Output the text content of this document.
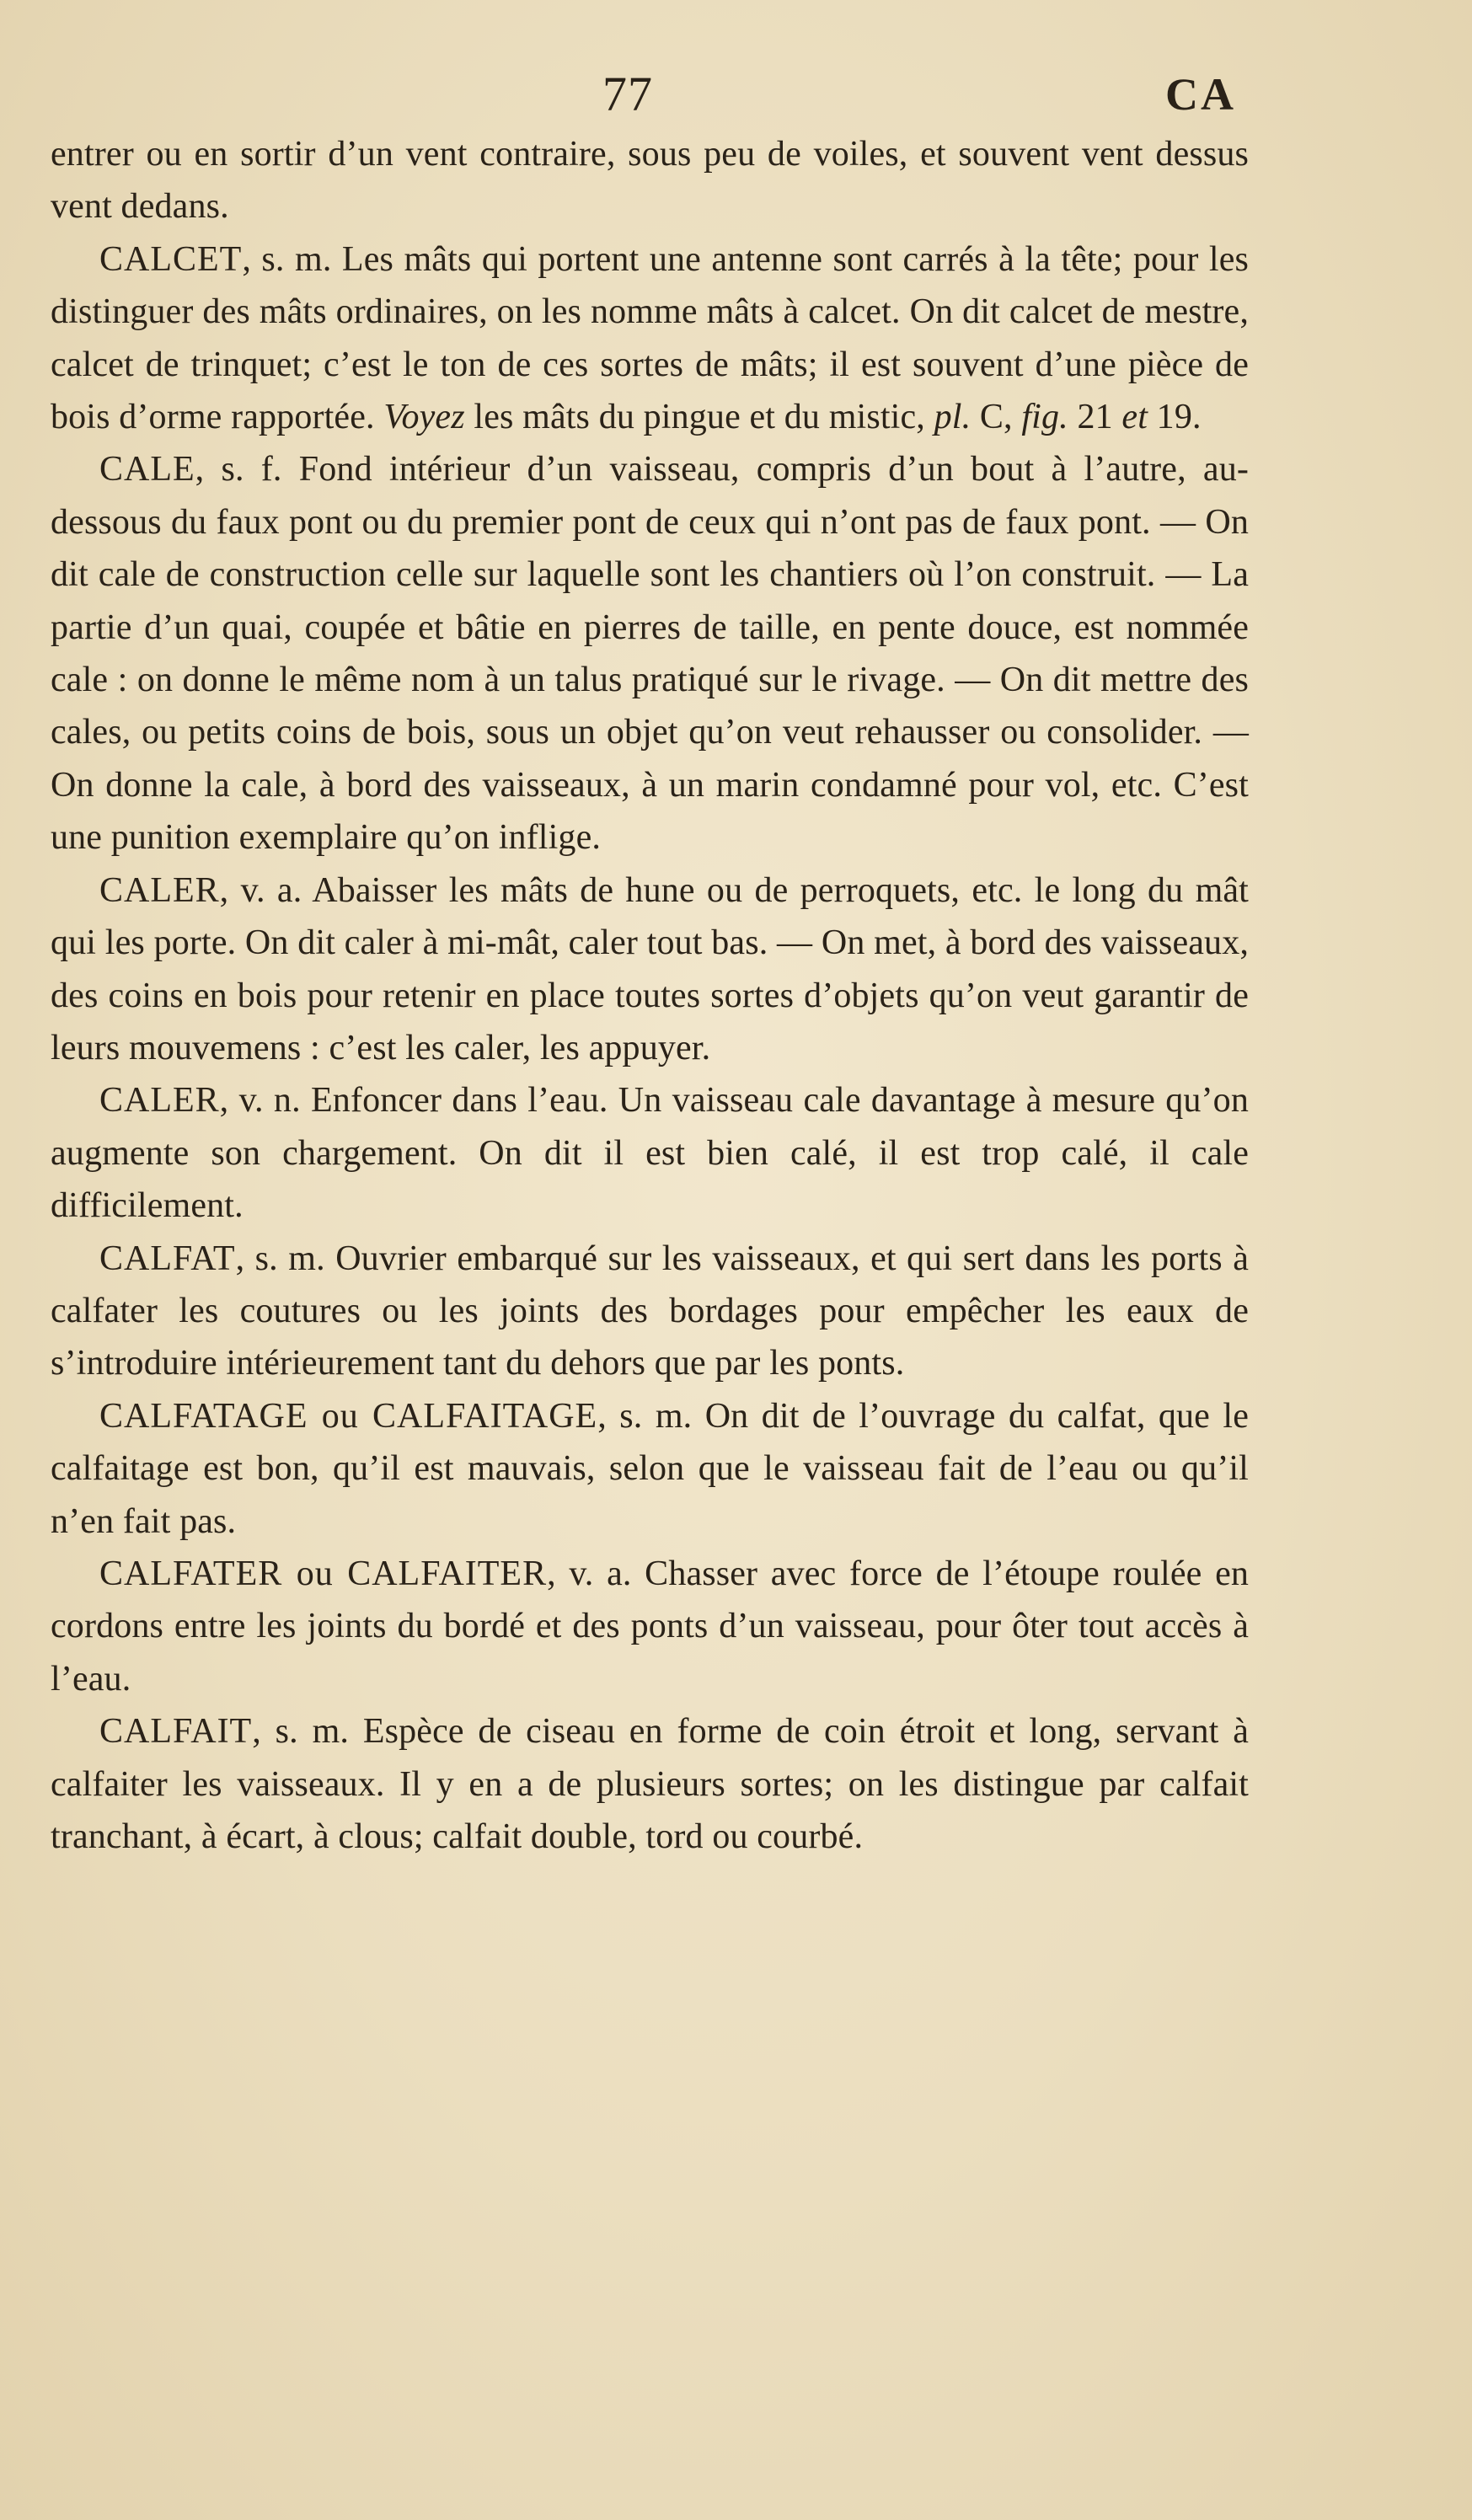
77	CA

entrer ou en sortir d’un vent contraire, sous peu de voiles, et souvent vent dessus vent dedans.

CALCET, s. m. Les mâts qui portent une antenne sont carrés à la tête; pour les distinguer des mâts ordinaires, on les nomme mâts à calcet. On dit calcet de mestre, calcet de trinquet; c’est le ton de ces sortes de mâts; il est souvent d’une pièce de bois d’orme rapportée. Voyez les mâts du pingue et du mistic, pl. C, fig. 21 et 19.

CALE, s. f. Fond intérieur d’un vaisseau, compris d’un bout à l’autre, au-dessous du faux pont ou du premier pont de ceux qui n’ont pas de faux pont. — On dit cale de construction celle sur laquelle sont les chantiers où l’on construit. — La partie d’un quai, coupée et bâtie en pierres de taille, en pente douce, est nommée cale : on donne le même nom à un talus pratiqué sur le rivage. — On dit mettre des cales, ou petits coins de bois, sous un objet qu’on veut rehausser ou consolider. — On donne la cale, à bord des vaisseaux, à un marin condamné pour vol, etc. C’est une punition exemplaire qu’on inflige.

CALER, v. a. Abaisser les mâts de hune ou de perroquets, etc. le long du mât qui les porte. On dit caler à mi-mât, caler tout bas. — On met, à bord des vaisseaux, des coins en bois pour retenir en place toutes sortes d’objets qu’on veut garantir de leurs mouvemens : c’est les caler, les appuyer.

CALER, v. n. Enfoncer dans l’eau. Un vaisseau cale davantage à mesure qu’on augmente son chargement. On dit il est bien calé, il est trop calé, il cale difficilement.

CALFAT, s. m. Ouvrier embarqué sur les vaisseaux, et qui sert dans les ports à calfater les coutures ou les joints des bordages pour empêcher les eaux de s’introduire intérieurement tant du dehors que par les ponts.

CALFATAGE ou CALFAITAGE, s. m. On dit de l’ouvrage du calfat, que le calfaitage est bon, qu’il est mauvais, selon que le vaisseau fait de l’eau ou qu’il n’en fait pas.

CALFATER ou CALFAITER, v. a. Chasser avec force de l’étoupe roulée en cordons entre les joints du bordé et des ponts d’un vaisseau, pour ôter tout accès à l’eau.

CALFAIT, s. m. Espèce de ciseau en forme de coin étroit et long, servant à calfaiter les vaisseaux. Il y en a de plusieurs sortes; on les distingue par calfait tranchant, à écart, à clous; calfait double, tord ou courbé.
